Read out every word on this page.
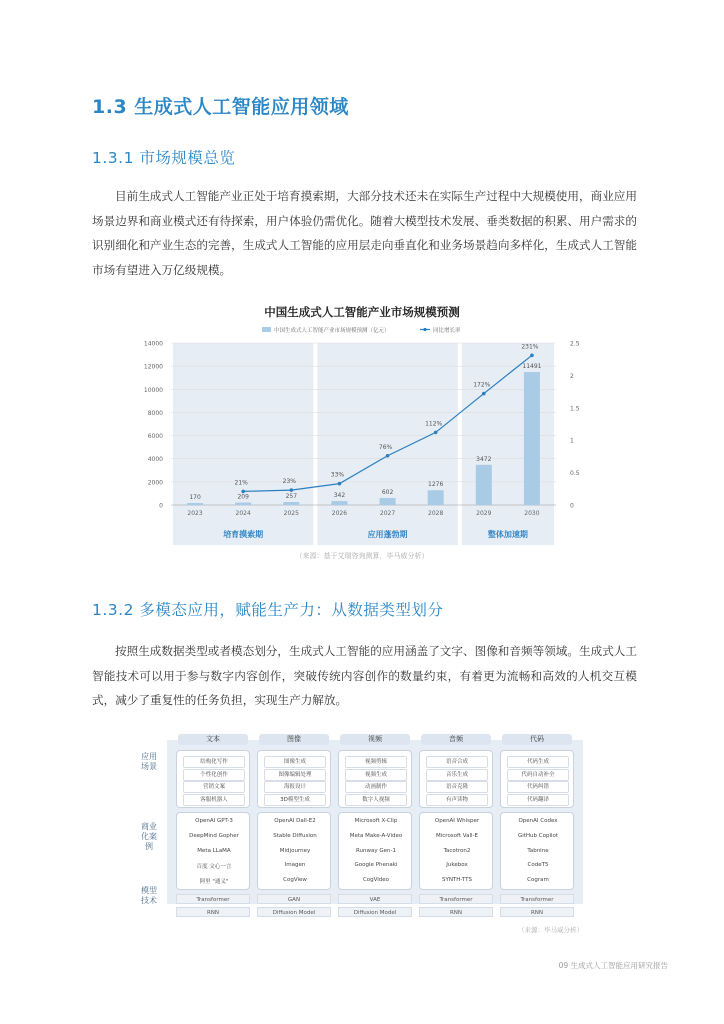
1.3 生成式人工智能应用领域
1.3.1 市场规模总览
目前生成式人工智能产业正处于培育摸索期，大部分技术还未在实际生产过程中大规模使用，商业应用场景边界和商业模式还有待探索，用户体验仍需优化。随着大模型技术发展、垂类数据的积累、用户需求的识别细化和产业生态的完善，生成式人工智能的应用层走向垂直化和业务场景趋向多样化，生成式人工智能市场有望进入万亿级规模。
中国生成式人工智能产业市场规模预测
培育摸索期	应用蓬勃期	整体加速期
0
2000
4000
6000
8000
10000
12000
14000
0
0.5
1
1.5
2
2.5
170
2023
209
2024
257
2025
342
2026
602
2027
1276
2028
3472
2029
11491
2030
21%	23%
33%
76%
112%
172%
231%
中国生成式人工智能产业市场规模预测（亿元）	同比增长率
（来源：基于艾瑞咨询测算，毕马威分析）
1.3.2 多模态应用，赋能生产力：从数据类型划分
按照生成数据类型或者模态划分，生成式人工智能的应用涵盖了文字、图像和音频等领域。生成式人工智能技术可以用于参与数字内容创作，突破传统内容创作的数量约束，有着更为流畅和高效的人机交互模式，减少了重复性的任务负担，实现生产力解放。
应用场景
商业化案例
模型技术
文本
结构化写作
个性化创作
营销文案
客服机器人
OpenAI GPT-3
DeepMind Gopher
Meta LLaMA
百度 文心一言
阿里 "通义"
Transformer
RNN
图像
图像生成
图像编辑处理
海报设计
3D模型生成
OpenAI Dall-E2
Stable Diffusion
Midjourney
Imagen
CogView
GAN
Diffusion Model
视频
视频剪辑
视频生成
动画制作
数字人视频
Microsoft X-Clip
Meta Make-A-Video
Runway Gen-1
Google Phenaki
CogVideo
VAE
Diffusion Model
音频
语音合成
音乐生成
语音克隆
有声读物
OpenAI Whisper
Microsoft Vall-E
Tacotron2
Jukebox
SYNTH-TTS
Transformer
RNN
代码
代码生成
代码自动补全
代码纠错
代码翻译
OpenAI Codex
GitHub Copilot
Tabnine
CodeT5
Cogram
Transformer
RNN
（来源：毕马威分析）
09 生成式人工智能应用研究报告
